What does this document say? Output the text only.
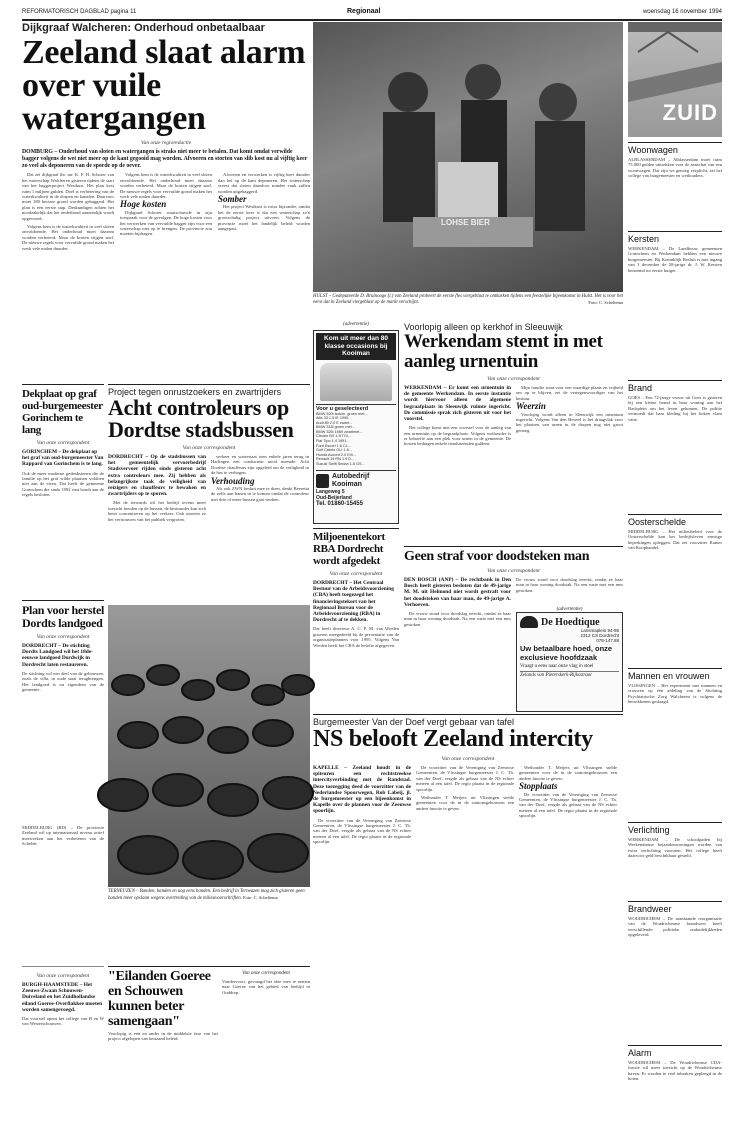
REFORMATORISCH DAGBLAD pagina 11	Regionaal	woensdag 16 november 1994
Dijkgraaf Walcheren: Onderhoud onbetaalbaar
Zeeland slaat alarm
over vuile watergangen
Van onze regioredactie
DOMBURG – Onderhoud van sloten en watergangen is straks niet meer te betalen. Dat komt omdat verwilde bagger volgens de wet niet meer op de kant gegooid mag worden. Afvoeren en storten van slib kost nu al vijftig keer zo veel als deponeren van de sporde op de oever.

Dat zei dijkgraaf ihr. mr. K. F. H. Schorer van het waterschap Walcheren gisteren tijdens de start van het baggerproject Westkust. Het plan kost ruim 1 miljoen gulden. Doel is verbetering van de waterkwaliteit in de dorpen en kanalen. Daarvoor moet 180 hectare grond worden gebaggerd. Het plan is een eerste stap. Deskundigen achten het noodzakelijk dat het onderhoud aanzienlijk wordt opgevoerd.

Volgens hem is de waterkwaliteit in veel sloten onvoldoende. Het onderhoud moet daarom worden verbeterd. Maar de kosten stijgen snel. De nieuwe regels voor vervuilde grond maken het werk vele malen duurder.

Volgens hem is de waterkwaliteit in veel sloten onvoldoende. Het onderhoud moet daarom worden verbeterd. Maar de kosten stijgen snel. De nieuwe regels voor vervuilde grond maken het werk vele malen duurder.

Hoge kosten

Dijkgraaf Schorer waarschuwde in zijn toespraak voor de gevolgen. De hoge kosten voor het verwerken van vervuilde bagger zijn voor een waterschap niet op te brengen. De provincie zou moeten bijdragen.

Afvoeren en verwerken is vijftig keer duurder dan het op de kant deponeren. Het waterschap vreest dat sloten daardoor minder vaak zullen worden uitgebaggerd.

Somber

Het project Westkust is extra bijzonder, omdat het de eerste keer is dat een waterschap zo'n grootschalig project uitvoert. Volgens de provincie moet het landelijk beleid worden aangepast.

LOHSE BIER
HULST – Gedeputeerde D. Bruinooge (l.) van Zeeland probeert de eerste fles viergeblust te ontkurken tijdens een feestelijke bijeenkomst in Hulst. Het is voor het eerst dat in Zeeland viergeblust op de markt verschijnt.	Foto: C. Scheltema
ZUID
Woonwagen
ALBLASSERDAM – Alblasserdam moet ruim 75.000 gulden uittrekken voor de aanschaf van een woonwagen. Dat zijn we genoeg verplicht, zei het college van burgemeester en wethouders.
Kersten
WERKENDAM – De Landbouw gemeenten Gorinchem en Werkendam hebben een nieuwe burgemeester. Bij Koninklijk Besluit is met ingang van 1 december de 58-jarige dr. J. W. Kersten benoemd tot eerste burger.
Brand
GOES – Een 72-jarige vrouw uit Goes is gisteren bij een kleine brand in haar woning aan het Bachplein om het leven gekomen. De politie vermoedt dat haar kleding bij het koken vlam vatte.
Oosterschelde
MIDDELBURG – Het milieubeleid voor de Oosterschelde kan het bedrijfsleven ernstige beperkingen opleggen. Dat zei voorzitter Kamer van Koophandel.
Mannen en vrouwen
VLISSINGEN – Het experiment met mannen en vrouwen op één afdeling van de Stichting Psychiatrische Zorg Walcheren is volgens de betrokkenen geslaagd.
Verlichting
WERKENDAM – De schoolpaden bij Werkendamse bejaardenwoningen worden van extra verlichting voorzien. Het college heeft daarvoor geld beschikbaar gesteld.
Brandweer
WOUDRICHEM – De aanstaande reorganisatie van de Woudrichemse brandweer heeft verschillende politieke onduidelijkheden opgeleverd.
Alarm
WOUDRICHEM – De Woudrichemse CDA-fractie wil meer toezicht op de Woudrichemse haven. Er worden te veel inbraken gepleegd in de boten.
(advertentie)
Kom uit meer dan 80 klasse occasions bij Kooiman
Voor u geselecteerd
BMW 520i autom. groen met...
Alfa 33 1.5 IE 1990...
Audi 80 2.0 E zwart...
BMW 318i groen met...
BMW 325i 1989 zwartmet...
Citroen BX 1.6 TGi...
Fiat Tipo 1.4 1991...
Ford Escort 1.6 CL...
Golf Cabrio GLI 1.8...
Honda Accord 2.0 EXi...
Renault 19 RN 1.9 D...
Suzuki Swift Sedan 1.6 GS...
Autobedrijf Kooiman
Langeweg 5
Oud-Beijerland
Tel. 01860-15455
Voorlopig alleen op kerkhof in Sleeuwijk
Werkendam stemt in met aanleg urnentuin
Van onze correspondent
WERKENDAM – Er komt een urnentuin in de gemeente Werkendam. In eerste instantie wordt hiervoor alleen de algemene begraafplaats in Sleeuwijk ruimte ingericht. De commissie sprak zich gisteren uit voor het voorstel.

Het college komt met een voorstel voor de aanleg van een urnentuin op de begraafplaats. Volgens wethouder is er behoefte aan een plek voor urnen in de gemeente. De kosten bedragen enkele tienduizenden guldens.

Mijn familie staat voor een waardige plaats en vrijheid om op te blijven, zei de vertegenwoordiger van het bestuur.

Weerzin

Voorlopig wordt alleen in Sleeuwijk een urnentuin ingericht. Volgens Van den Heuvel is het draagvlak voor het plaatsen van urnen in de dorpen nog niet groot genoeg.

Dekplaat op graf oud-burgemeester Gorinchem te lang
Van onze correspondent
GORINCHEM – De dekplaat op het graf van oud-burgemeester Van Rappard van Gorinchem is te lang.
Ook de meer moderne gedenkstenen die de familie op het graf wilde plaatsen voldoen niet aan de eisen. Dat heeft de gemeente Gorinchem die sinds 1992 vast houdt aan de regels besloten.
Project tegen onrustzoekers en zwartrijders
Acht controleurs op
Dordtse stadsbussen
Van onze correspondent
DORDRECHT – Op de stadsbussen van het gemeentelijk vervoerbedrijf Stadsvervoer rijden sinds gisteren acht extra controleurs mee. Zij hebben als belangrijkste taak de veiligheid van reizigers en chauffeurs te bewaken en zwartrijders op te sporen.

Met de stewards wil het bedrijf tevens meer toezicht houden op de bussen, de bestuurder kan zich beter concentreren op het verkeer. Ook moeten ze het vertrouwen van het publiek vergroten.

verkeer en waterstaat toen enkele jaren terug in Harlingen een conducteur nood noemde. Acht Dordtse chauffeurs zijn opgeleid om de veiligheid in de bus te verhogen.

Verhouding

Als ook ZWN besluit mee te doen, denkt Beeretta de zelfs aan banen in te komen omdat de controleur met drie of meer bussen gaat werken.

Miljoenentekort RBA Dordrecht wordt afgedekt
Van onze correspondent
DORDRECHT – Het Centraal Bestuur van de Arbeidsvoorziening (CBA) heeft toegezegd het financieringstekort van het Regionaal Bureau voor de Arbeidsvoorziening (RBA) in Dordrecht af te dekken.
Dat heeft directeur A. C. P. M. van Wieden gisteren meegedeeld bij de presentatie van de organisatieplannen voor 1995. Volgens Van Wieden heeft het CBA de belofte afgegeven.
Geen straf voor doodsteken man
Van onze correspondent
DEN BOSCH (ANP) – De rechtbank in Den Bosch heeft gisteren besloten dat de 49-jarige M. M. uit Helmond niet wordt gestraft voor het doodsteken van haar man, de 49-jarige A. Verhoeven.

De vrouw stond voor doodslag terecht, omdat ze haar man in haar woning doodstak. Na een ruzie met een mes gestoken.

De vrouw stond voor doodslag terecht, omdat ze haar man in haar woning doodstak. Na een ruzie met een mes gestoken.
(advertentie)
De Hoedtique
Lansmaplein 94-95
2312 CS Dordrecht
078-147.88
Uw betaalbare hoed, onze exclusieve hoofdzaak
Vraagt u eens naar onze vlag in stoel
Zelands van Pieterskerk-Rijksstraat
Plan voor herstel Dordts landgoed
Van onze correspondent
DORDRECHT – De stichting Dordts Landgoed wil het 18de-eeuwse landgoed Dordwijk in Dordrecht laten restaureren.
De stichting wil een deel van de gebouwen, zoals de villa, in oude staat terugbrengen. Het landgoed is nu eigendom van de gemeente.
MIDDELBURG (RD) – De provincie Zeeland wil op internationaal niveau actief meewerken aan het verbeteren van de Schelde.
TERNEUZEN – Banden, banden en nog eens banden. Een bedrijf in Terneuzen mag zich gisteren geen banden meer opslaan wegens overtreding van de milieuvoorschriften. Foto: C. Scheltema
Burgemeester Van der Doef vergt gebaar van tafel
NS belooft Zeeland intercity
Van onze correspondent
KAPELLE – Zeeland houdt in de spitsuren een rechtstreekse intercityverbinding met de Randstad. Deze toezegging deed de voorzitter van de Nederlandse Spoorwegen, Rob Labeij, jl. de burgemeester op een bijeenkomst in Kapelle over de plannen voor de Zeeuwse spoorlijn.

De voorzitter van de Vereniging van Zeeuwse Gemeenten, de Vlissingse burgemeester J. C. Th. van der Doef, vergde als gebaar van de NS echter meteen al een tafel. De regio plaatst in de regionale spoorlijn.

De voorzitter van de Vereniging van Zeeuwse Gemeenten, de Vlissingse burgemeester J. C. Th. van der Doef, vergde als gebaar van de NS echter meteen al een tafel. De regio plaatst in de regionale spoorlijn.

Wethouder T. Meijers uit Vlissingen stelde gemeenten voor de in de stationsgebouwen een andere functie te geven.

Wethouder T. Meijers uit Vlissingen stelde gemeenten voor de in de stationsgebouwen een andere functie te geven.

Stopplaats

De voorzitter van de Vereniging van Zeeuwse Gemeenten, de Vlissingse burgemeester J. C. Th. van der Doef, vergde als gebaar van de NS echter meteen al een tafel. De regio plaatst in de regionale spoorlijn.

Van onze correspondent
BURGH-HAAMSTEDE – Het Zeeuws-Zwaan Schouwen-Duiveland en het Zuidhollandse eiland Goeree-Overflakkee moeten worden samengevoegd.
Dat voorstel opent het college van B en W van Westerschouwen.
"Eilanden Goeree en Schouwen kunnen beter samengaan"
Van onze correspondent
Vondervoort, gevraagd het idee mee te nemen naar Goeree van het gebied van leeftijd in Ouddorp.
Voorlopig is een en ander in de middelste fase van het project afgelopen van bestaand beleid.
